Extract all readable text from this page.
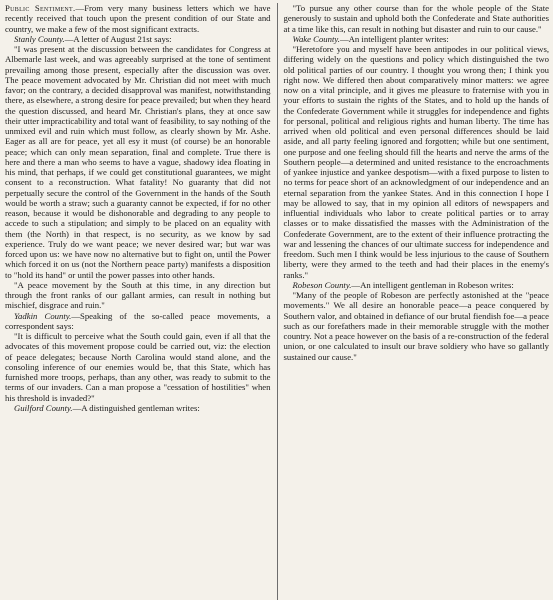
Public Sentiment.—From very many business letters which we have recently received that touch upon the present condition of our State and country, we make a few of the most significant extracts.

Stanly County.—A letter of August 21st says:

"I was present at the discussion between the candidates for Congress at Albemarle last week, and was agreeably surprised at the tone of sentiment prevailing among those present, especially after the discussion was over. The peace movement advocated by Mr. Christian did not meet with much favor; on the contrary, a decided disapproval was manifest, notwithstanding there, as elsewhere, a strong desire for peace prevailed; but when they heard the question discussed, and heard Mr. Christian's plans, they at once saw their utter impracticability and total want of feasibility, to say nothing of the unmixed evil and ruin which must follow, as clearly shown by Mr. Ashe. Eager as all are for peace, yet all esy it must (of course) be an honorable peace; which can only mean separation, final and complete. True there is here and there a man who seems to have a vague, shadowy idea floating in his mind, that perhaps, if we could get constitutional guarantees, we might consent to a reconstruction. What fatality! No guaranty that did not perpetually secure the control of the Government in the hands of the South would be worth a straw; such a guaranty cannot be expected, if for no other reason, because it would be dishonorable and degrading to any people to accede to such a stipulation; and simply to be placed on an equality with them (the North) in that respect, is no security, as we know by sad experience. Truly do we want peace; we never desired war; but war was forced upon us: we have now no alternative but to fight on, until the Power which forced it on us (not the Northern peace party) manifests a disposition to "hold its hand" or until the power passes into other hands.

"A peace movement by the South at this time, in any direction but through the front ranks of our gallant armies, can result in nothing but mischief, disgrace and ruin."

Yadkin County.—Speaking of the so-called peace movements, a correspondent says:

"It is difficult to perceive what the South could gain, even if all that the advocates of this movement propose could be carried out, viz: the election of peace delegates; because North Carolina would stand alone, and the consoling inference of our enemies would be, that this State, which has furnished more troops, perhaps, than any other, was ready to submit to the terms of our invaders. Can a man propose a "cessation of hostilities" when his threshold is invaded?"

Guilford County.—A distinguished gentleman writes:

"To pursue any other course than for the whole people of the State generously to sustain and uphold both the Confederate and State authorities at a time like this, can result in nothing but disaster and ruin to our cause."

Wake County.—An intelligent planter writes:

"Heretofore you and myself have been antipodes in our political views, differing widely on the questions and policy which distinguished the two old political parties of our country. I thought you wrong then; I think you right now. We differed then about comparatively minor matters: we agree now on a vital principle, and it gives me pleasure to fraternise with you in your efforts to sustain the rights of the States, and to hold up the hands of the Confederate Government while it struggles for independence and fights for personal, political and religious rights and human liberty. The time has arrived when old political and even personal differences should be laid aside, and all party feeling ignored and forgotten; while but one sentiment, one purpose and one feeling should fill the hearts and nerve the arms of the Southern people—a determined and united resistance to the encroachments of yankee injustice and yankee despotism—with a fixed purpose to listen to no terms for peace short of an acknowledgment of our independence and an eternal separation from the yankee States. And in this connection I hope I may be allowed to say, that in my opinion all editors of newspapers and influential individuals who labor to create political parties or to array classes or to make dissatisfied the masses with the Administration of the Confederate Government, are to the extent of their influence protracting the war and lessening the chances of our ultimate success for independence and freedom. Such men I think would be less injurious to the cause of Southern liberty, were they armed to the teeth and had their places in the enemy's ranks."

Robeson County.—An intelligent gentleman in Robeson writes:

"Many of the people of Robeson are perfectly astonished at the "peace movements." We all desire an honorable peace—a peace conquered by Southern valor, and obtained in defiance of our brutal fiendish foe—a peace such as our forefathers made in their memorable struggle with the mother country. Not a peace however on the basis of a re-construction of the federal union, or one calculated to insult our brave soldiery who have so gallantly sustained our cause."
